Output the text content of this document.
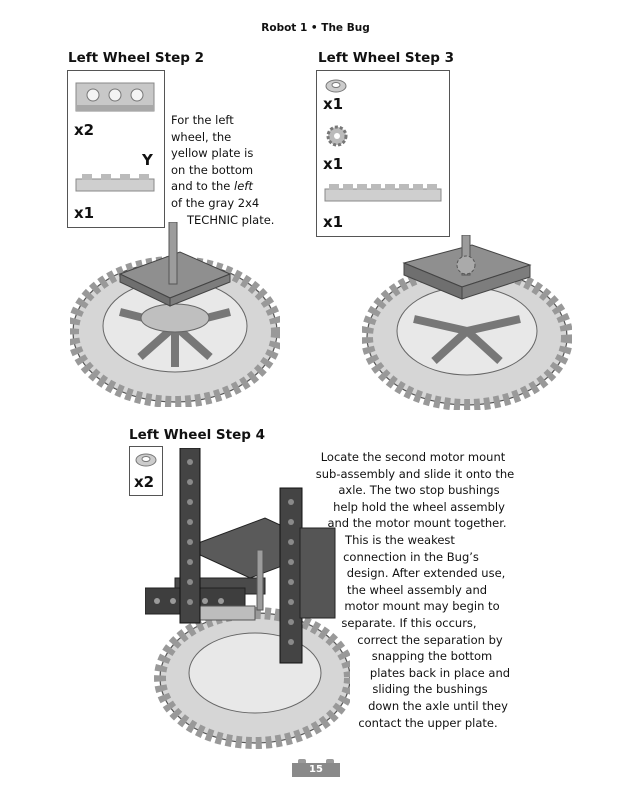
Robot 1 • The Bug
Left Wheel Step 2
x2
Y
x1
For the left
wheel, the
yellow plate is
on the bottom
and to the left
of the gray 2x4
TECHNIC plate.
Left Wheel Step 3
x1
x1
x1
Left Wheel Step 4
x2
Locate the second motor mount
sub-assembly and slide it onto the
axle. The two stop bushings
help hold the wheel assembly
and the motor mount together.
This is the weakest
connection in the Bug’s
design. After extended use,
the wheel assembly and
motor mount may begin to
separate. If this occurs,
correct the separation by
snapping the bottom
plates back in place and
sliding the bushings
down the axle until they
contact the upper plate.
15
